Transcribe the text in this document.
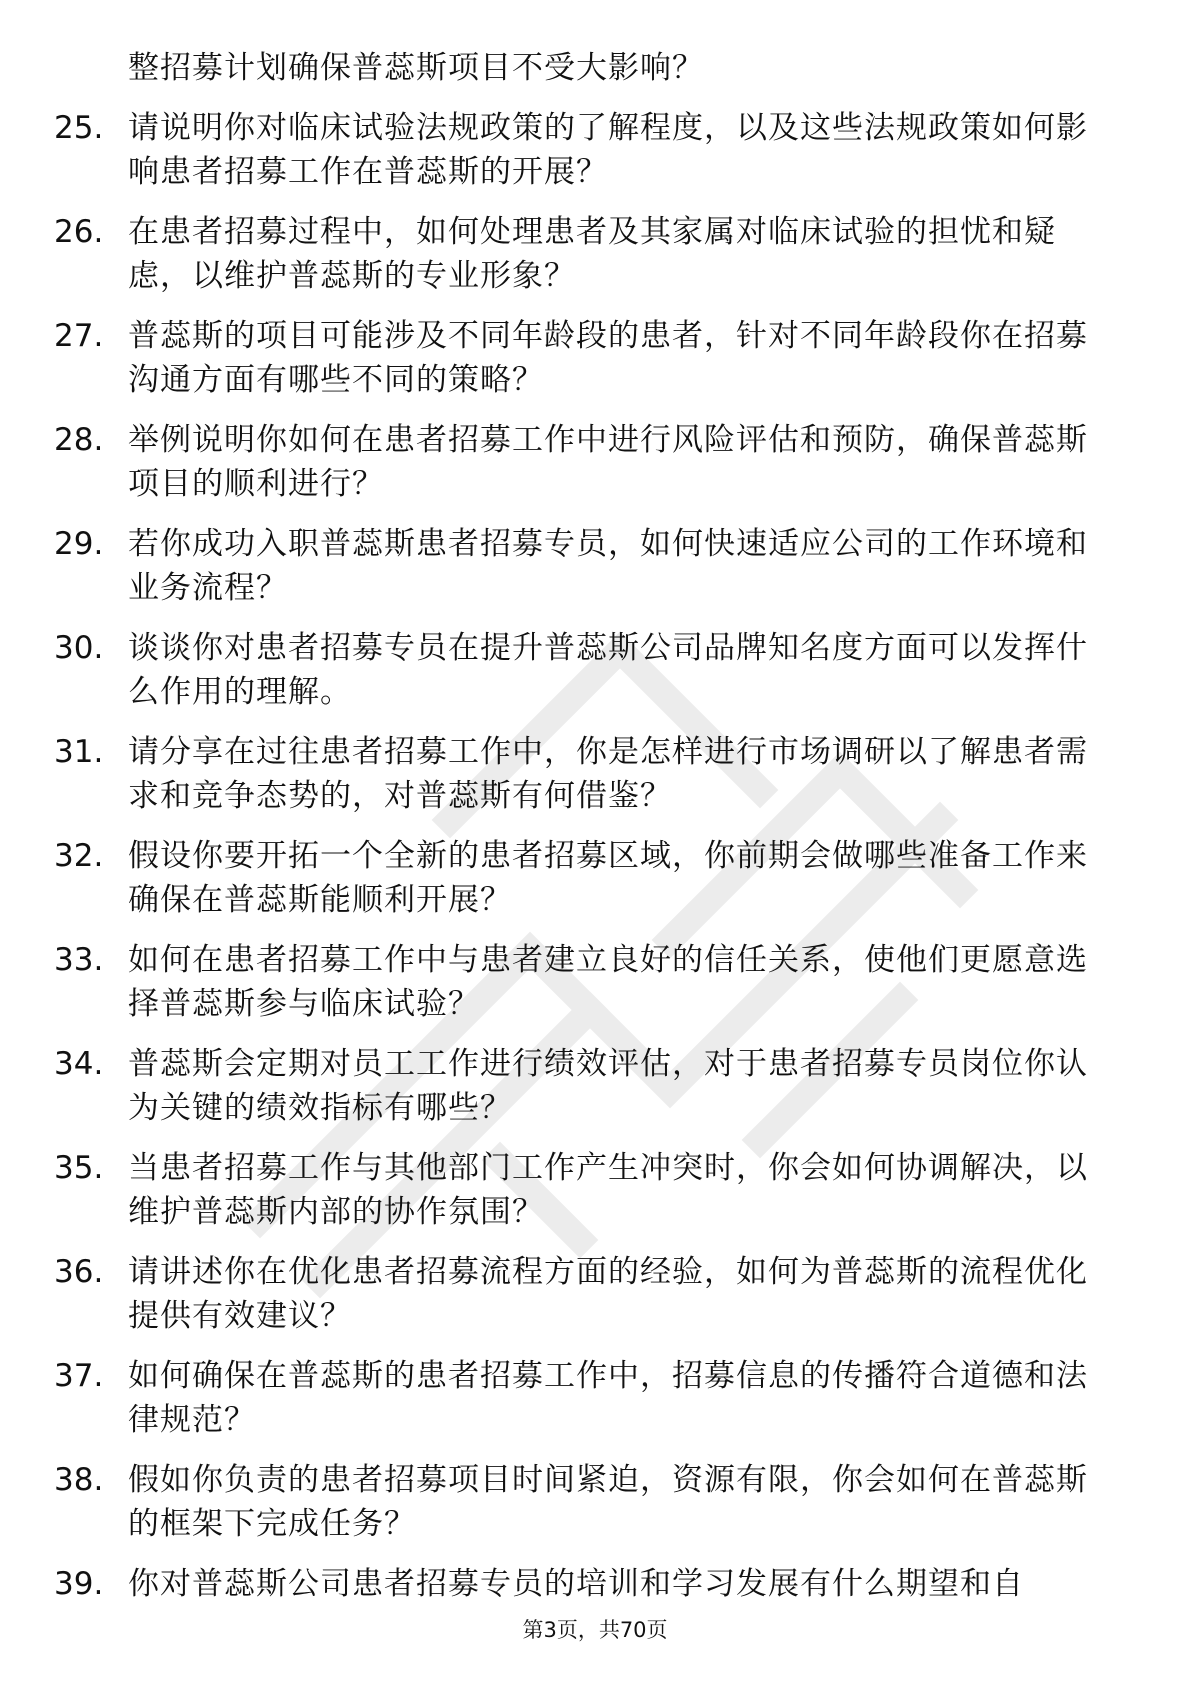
整招募计划确保普蕊斯项目不受大影响？
25. 请说明你对临床试验法规政策的了解程度，以及这些法规政策如何影响患者招募工作在普蕊斯的开展？
26. 在患者招募过程中，如何处理患者及其家属对临床试验的担忧和疑虑，以维护普蕊斯的专业形象？
27. 普蕊斯的项目可能涉及不同年龄段的患者，针对不同年龄段你在招募沟通方面有哪些不同的策略？
28. 举例说明你如何在患者招募工作中进行风险评估和预防，确保普蕊斯项目的顺利进行？
29. 若你成功入职普蕊斯患者招募专员，如何快速适应公司的工作环境和业务流程？
30. 谈谈你对患者招募专员在提升普蕊斯公司品牌知名度方面可以发挥什么作用的理解。
31. 请分享在过往患者招募工作中，你是怎样进行市场调研以了解患者需求和竞争态势的，对普蕊斯有何借鉴？
32. 假设你要开拓一个全新的患者招募区域，你前期会做哪些准备工作来确保在普蕊斯能顺利开展？
33. 如何在患者招募工作中与患者建立良好的信任关系，使他们更愿意选择普蕊斯参与临床试验？
34. 普蕊斯会定期对员工工作进行绩效评估，对于患者招募专员岗位你认为关键的绩效指标有哪些？
35. 当患者招募工作与其他部门工作产生冲突时，你会如何协调解决，以维护普蕊斯内部的协作氛围？
36. 请讲述你在优化患者招募流程方面的经验，如何为普蕊斯的流程优化提供有效建议？
37. 如何确保在普蕊斯的患者招募工作中，招募信息的传播符合道德和法律规范？
38. 假如你负责的患者招募项目时间紧迫，资源有限，你会如何在普蕊斯的框架下完成任务？
39. 你对普蕊斯公司患者招募专员的培训和学习发展有什么期望和自
第3页，共70页
